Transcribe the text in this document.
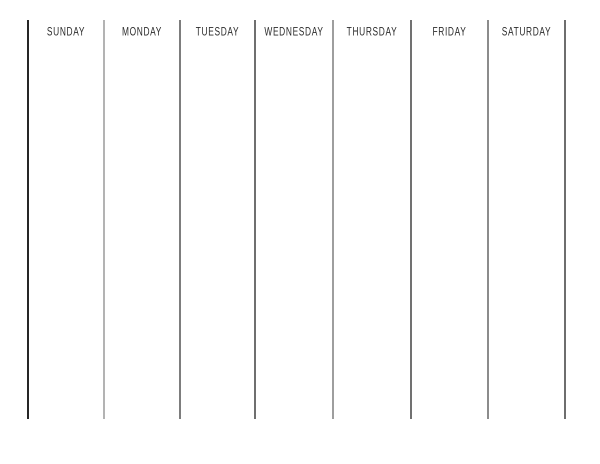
SUNDAY	MONDAY	TUESDAY	WEDNESDAY	THURSDAY	FRIDAY	SATURDAY
